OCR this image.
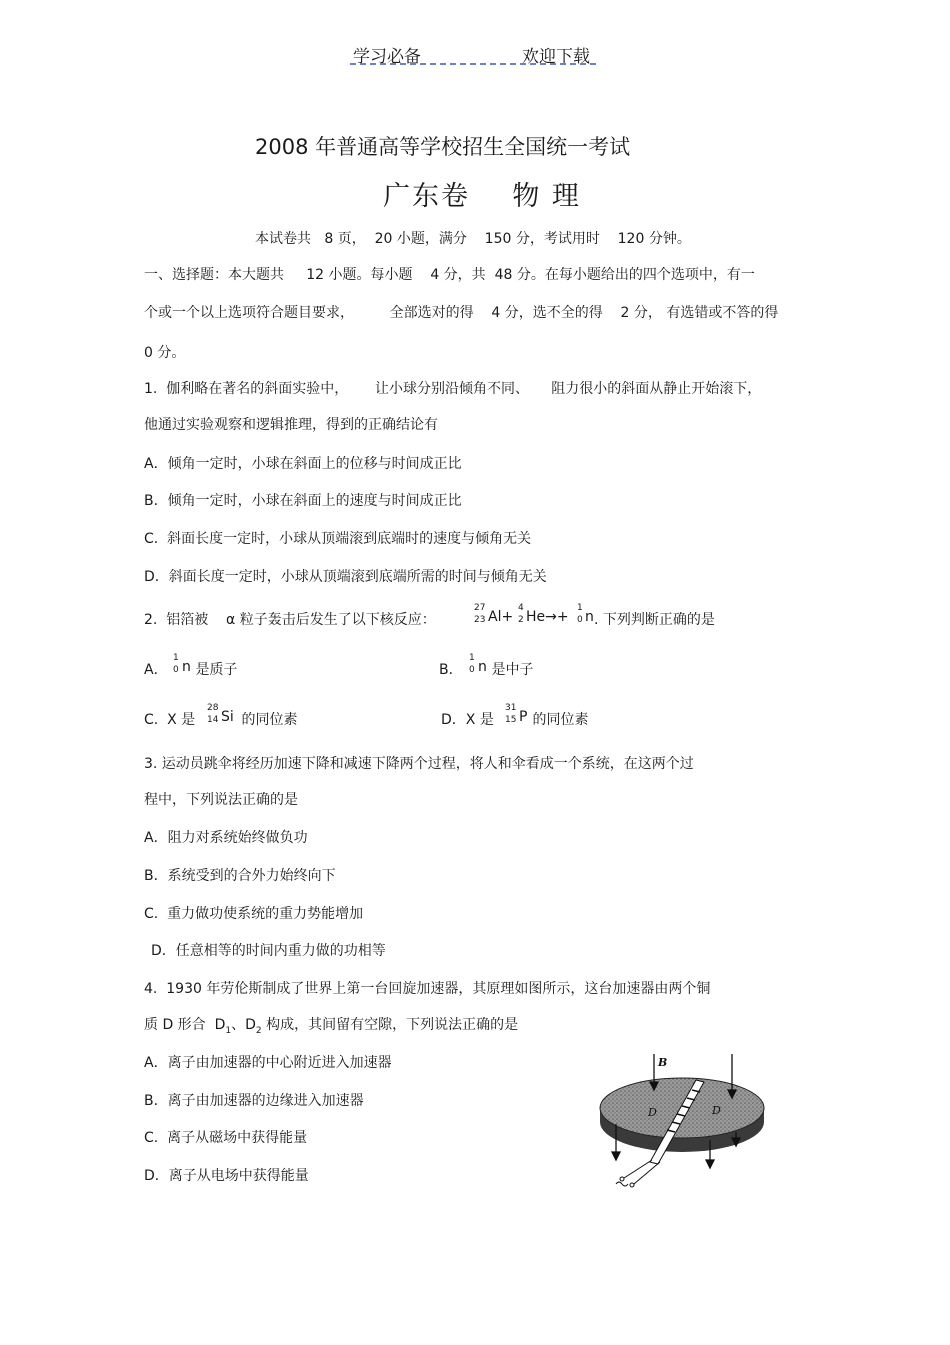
学习必备	欢迎下载
2008 年普通高等学校招生全国统一考试
广东卷    物 理
本试卷共   8 页，  20 小题，满分    150 分，考试用时    120 分钟。
一、选择题：本大题共     12 小题。每小题    4 分，共  48 分。在每小题给出的四个选项中，有一
个或一个以上选项符合题目要求，        全部选对的得    4 分，选不全的得    2 分， 有选错或不答的得
0 分。
1.  伽利略在著名的斜面实验中，      让小球分别沿倾角不同、     阻力很小的斜面从静止开始滚下，
他通过实验观察和逻辑推理，得到的正确结论有
A．倾角一定时，小球在斜面上的位移与时间成正比
B．倾角一定时，小球在斜面上的速度与时间成正比
C.  斜面长度一定时，小球从顶端滚到底端时的速度与倾角无关
D．斜面长度一定时，小球从顶端滚到底端所需的时间与倾角无关
2.  铝箔被    α 粒子轰击后发生了以下核反应：
27
23 Al+
4
2 He→+
1
0 n . 下列判断正确的是
A．
1
0 n 是质子	B．
1
0 n 是中子
C.  X 是
28
14 Si 的同位素	D．X 是
31
15 P 的同位素
3. 运动员跳伞将经历加速下降和减速下降两个过程，将人和伞看成一个系统，在这两个过
程中，下列说法正确的是
A．阻力对系统始终做负功
B．系统受到的合外力始终向下
C.  重力做功使系统的重力势能增加
D．任意相等的时间内重力做的功相等
4.  1930 年劳伦斯制成了世界上第一台回旋加速器，其原理如图所示，这台加速器由两个铜
质 D 形合  $D_1$、$D_2$ 构成，其间留有空隙，下列说法正确的是
A．离子由加速器的中心附近进入加速器
B．离子由加速器的边缘进入加速器
C.  离子从磁场中获得能量
D．离子从电场中获得能量
B
D	D
